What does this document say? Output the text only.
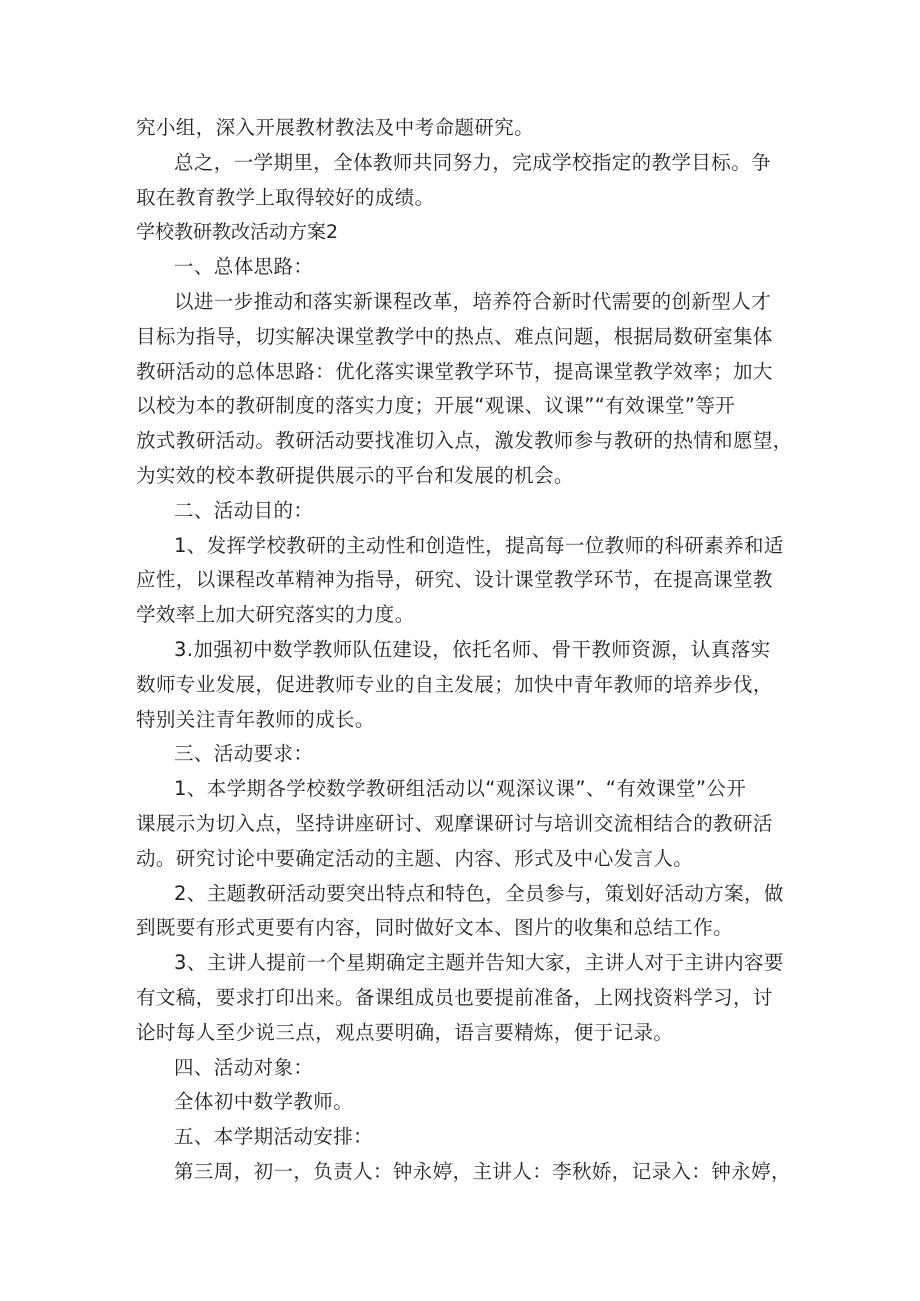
究小组，深入开展教材教法及中考命题研究。
总之，一学期里，全体教师共同努力，完成学校指定的教学目标。争
取在教育教学上取得较好的成绩。
学校教研教改活动方案2
一、总体思路：
以进一步推动和落实新课程改革，培养符合新时代需要的创新型人才
目标为指导，切实解决课堂教学中的热点、难点问题，根据局数研室集体
教研活动的总体思路：优化落实课堂教学环节，提高课堂教学效率；加大
以校为本的教研制度的落实力度；开展“观课、议课”“有效课堂”等开
放式教研活动。教研活动要找准切入点，激发教师参与教研的热情和愿望，
为实效的校本教研提供展示的平台和发展的机会。
二、活动目的：
1、发挥学校教研的主动性和创造性，提高每一位教师的科研素养和适
应性，以课程改革精神为指导，研究、设计课堂教学环节，在提高课堂教
学效率上加大研究落实的力度。
3.加强初中数学教师队伍建设，依托名师、骨干教师资源，认真落实
数师专业发展，促进教师专业的自主发展；加快中青年教师的培养步伐，
特别关注青年教师的成长。
三、活动要求：
1、本学期各学校数学教研组活动以“观深议课”、“有效课堂”公开
课展示为切入点，坚持讲座研讨、观摩课研讨与培训交流相结合的教研活
动。研究讨论中要确定活动的主题、内容、形式及中心发言人。
2、主题教研活动要突出特点和特色，全员参与，策划好活动方案，做
到既要有形式更要有内容，同时做好文本、图片的收集和总结工作。
3、主讲人提前一个星期确定主题并告知大家，主讲人对于主讲内容要
有文稿，要求打印出来。备课组成员也要提前准备，上网找资料学习，讨
论时每人至少说三点，观点要明确，语言要精炼，便于记录。
四、活动对象：
全体初中数学教师。
五、本学期活动安排：
第三周，初一，负责人：钟永婷，主讲人：李秋娇，记录入：钟永婷，
